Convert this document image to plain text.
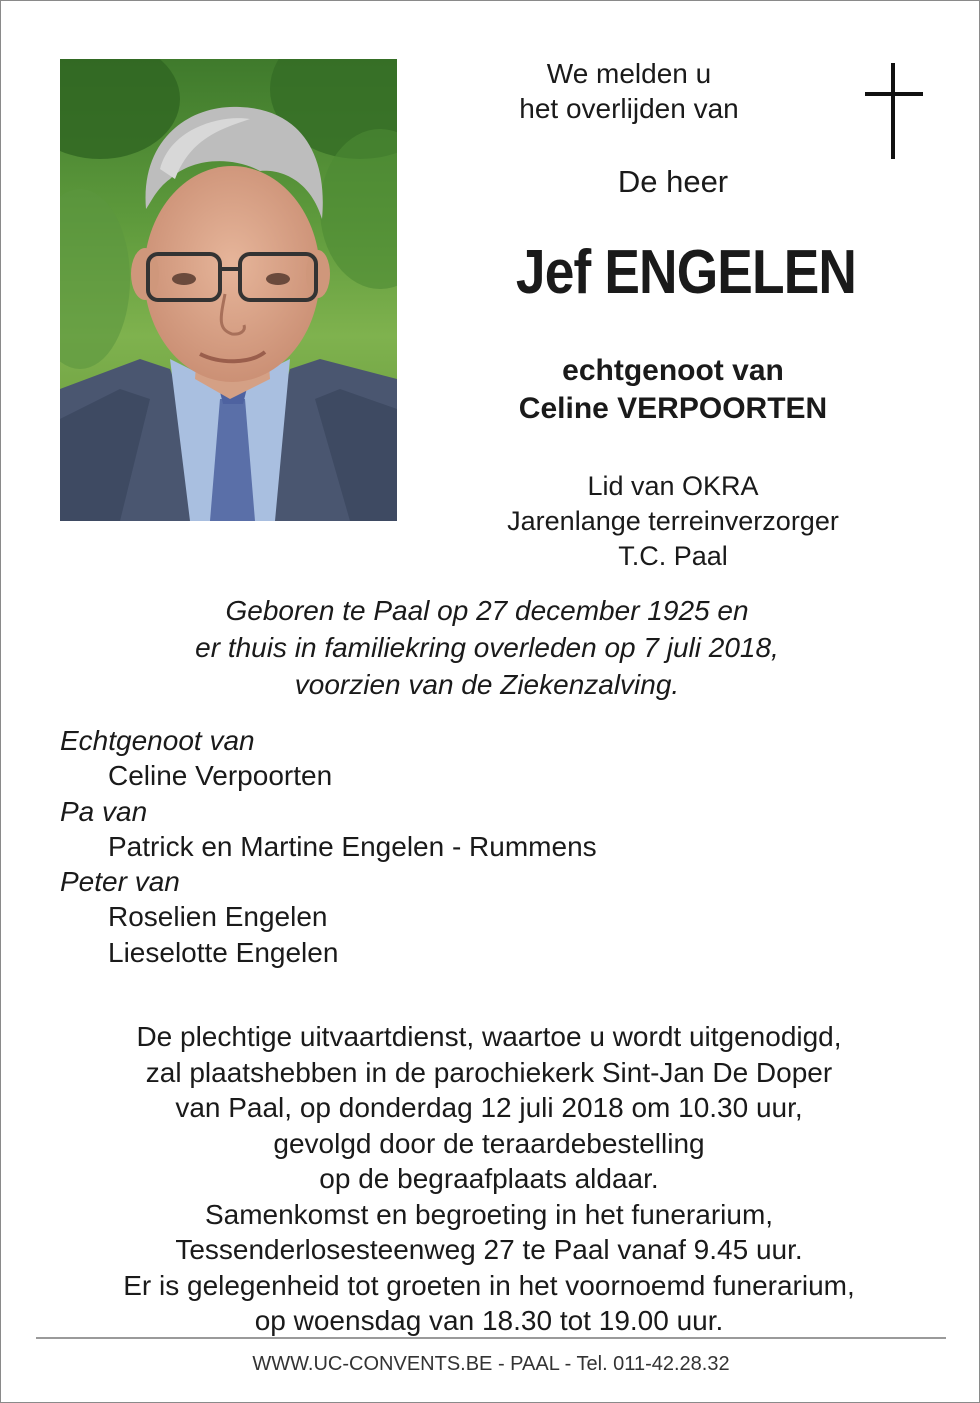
We melden u
het overlijden van
De heer
Jef ENGELEN
echtgenoot van
Celine VERPOORTEN
Lid van OKRA
Jarenlange terreinverzorger
T.C. Paal
Geboren te Paal op 27 december 1925 en
er thuis in familiekring overleden op 7 juli 2018,
voorzien van de Ziekenzalving.
Echtgenoot van
Celine Verpoorten
Pa van
Patrick en Martine Engelen - Rummens
Peter van
Roselien Engelen
Lieselotte Engelen
De plechtige uitvaartdienst, waartoe u wordt uitgenodigd,
zal plaatshebben in de parochiekerk Sint-Jan De Doper
van Paal, op donderdag 12 juli 2018 om 10.30 uur,
gevolgd door de teraardebestelling
op de begraafplaats aldaar.
Samenkomst en begroeting in het funerarium,
Tessenderlosesteenweg 27 te Paal vanaf 9.45 uur.
Er is gelegenheid tot groeten in het voornoemd funerarium,
op woensdag van 18.30 tot 19.00 uur.
WWW.UC-CONVENTS.BE - PAAL - Tel. 011-42.28.32
